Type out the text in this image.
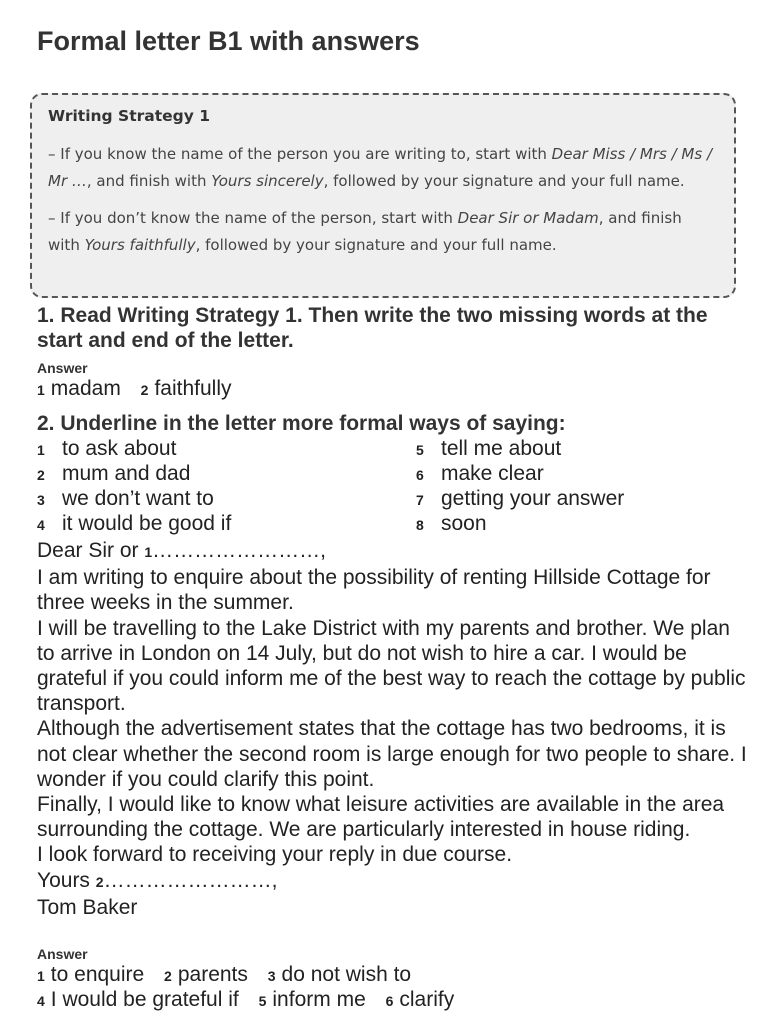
Formal letter B1 with answers

Writing Strategy 1

– If you know the name of the person you are writing to, start with Dear Miss / Mrs / Ms / Mr …, and finish with Yours sincerely, followed by your signature and your full name.

– If you don’t know the name of the person, start with Dear Sir or Madam, and finish with Yours faithfully, followed by your signature and your full name.

1. Read Writing Strategy 1. Then write the two missing words at the start and end of the letter.

Answer
1 madam 2 faithfully

2. Underline in the letter more formal ways of saying:

1 to ask about
2 mum and dad
3 we don’t want to
4 it would be good if
5 tell me about
6 make clear
7 getting your answer
8 soon

Dear Sir or 1……………………,

I am writing to enquire about the possibility of renting Hillside Cottage for three weeks in the summer.

I will be travelling to the Lake District with my parents and brother. We plan to arrive in London on 14 July, but do not wish to hire a car. I would be grateful if you could inform me of the best way to reach the cottage by public transport.

Although the advertisement states that the cottage has two bedrooms, it is not clear whether the second room is large enough for two people to share. I wonder if you could clarify this point.

Finally, I would like to know what leisure activities are available in the area surrounding the cottage. We are particularly interested in house riding.

I look forward to receiving your reply in due course.

Yours 2……………………,

Tom Baker

Answer
1 to enquire 2 parents 3 do not wish to
4 I would be grateful if 5 inform me 6 clarify
